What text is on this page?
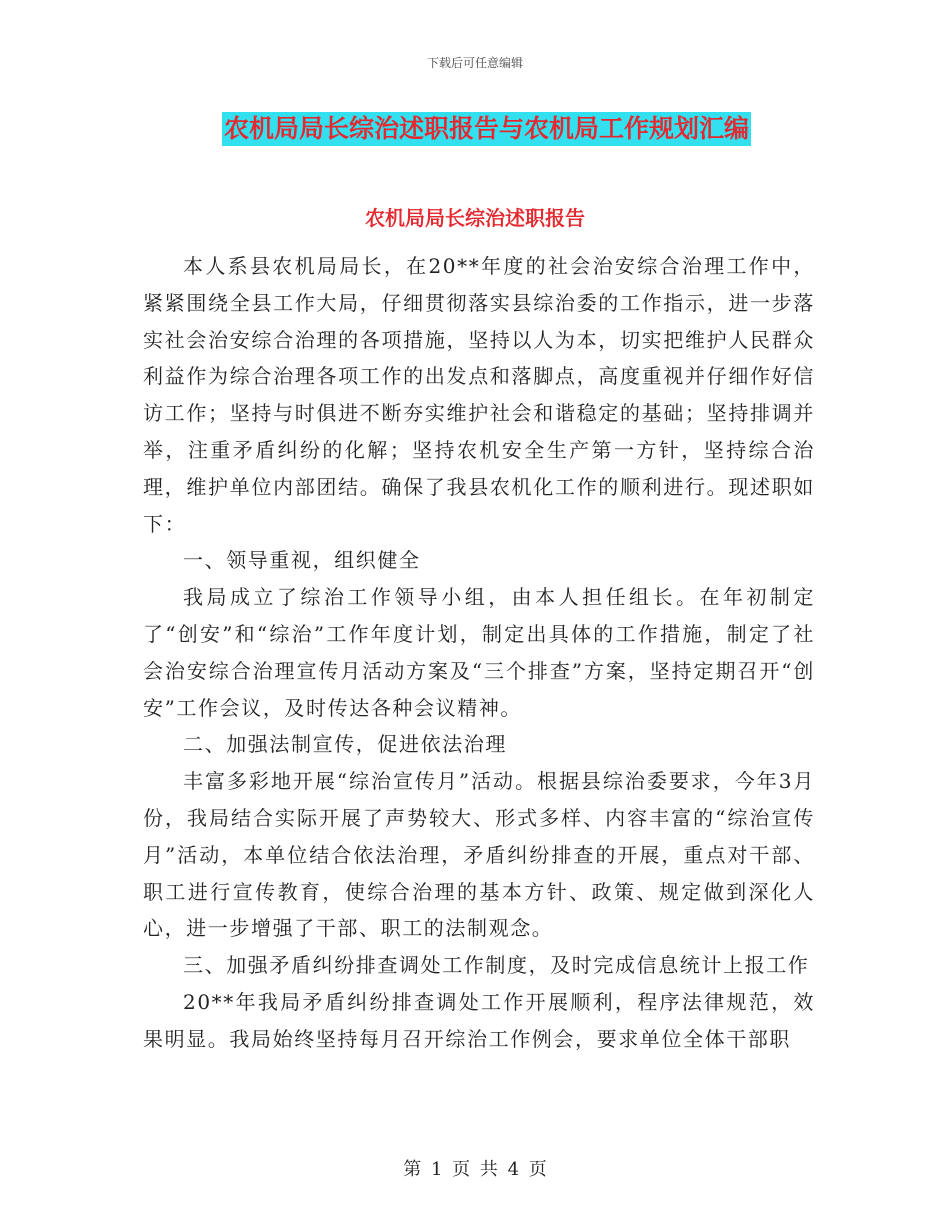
下载后可任意编辑
农机局局长综治述职报告与农机局工作规划汇编
农机局局长综治述职报告

本人系县农机局局长，在20**年度的社会治安综合治理工作中，紧紧围绕全县工作大局，仔细贯彻落实县综治委的工作指示，进一步落实社会治安综合治理的各项措施，坚持以人为本，切实把维护人民群众利益作为综合治理各项工作的出发点和落脚点，高度重视并仔细作好信访工作；坚持与时俱进不断夯实维护社会和谐稳定的基础；坚持排调并举，注重矛盾纠纷的化解；坚持农机安全生产第一方针，坚持综合治理，维护单位内部团结。确保了我县农机化工作的顺利进行。现述职如下：

一、领导重视，组织健全

我局成立了综治工作领导小组，由本人担任组长。在年初制定了“创安”和“综治”工作年度计划，制定出具体的工作措施，制定了社会治安综合治理宣传月活动方案及“三个排查”方案，坚持定期召开“创安”工作会议，及时传达各种会议精神。

二、加强法制宣传，促进依法治理

丰富多彩地开展“综治宣传月”活动。根据县综治委要求，今年3月份，我局结合实际开展了声势较大、形式多样、内容丰富的“综治宣传月”活动，本单位结合依法治理，矛盾纠纷排查的开展，重点对干部、职工进行宣传教育，使综合治理的基本方针、政策、规定做到深化人心，进一步增强了干部、职工的法制观念。

三、加强矛盾纠纷排查调处工作制度，及时完成信息统计上报工作

20**年我局矛盾纠纷排查调处工作开展顺利，程序法律规范，效果明显。我局始终坚持每月召开综治工作例会，要求单位全体干部职

第 1 页 共 4 页
